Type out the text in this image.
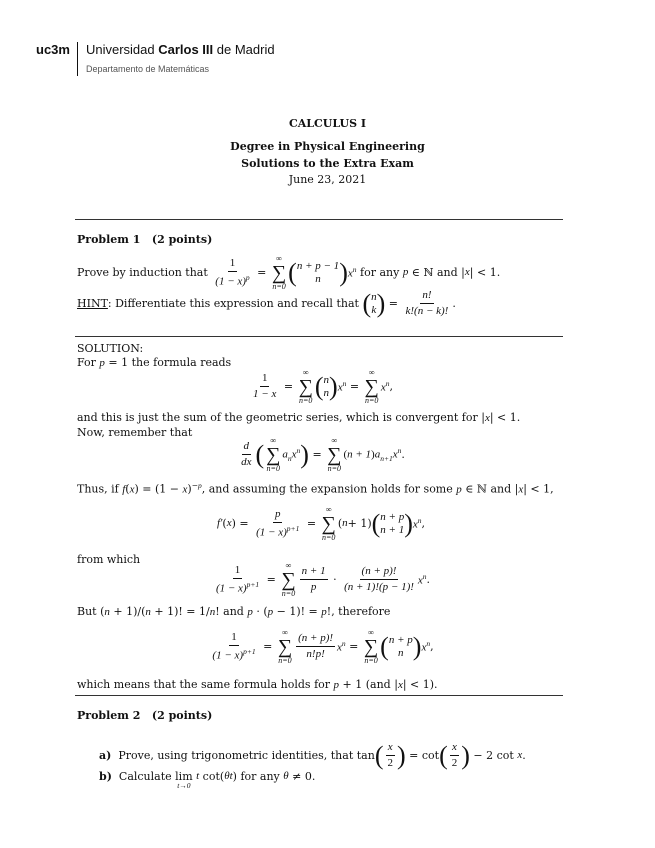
uc3m Universidad Carlos III de Madrid
Departamento de Matemáticas
CALCULUS I
Degree in Physical Engineering
Solutions to the Extra Exam
June 23, 2021
Problem 1 (2 points)
Prove by induction that
$\frac{1}{(1 - x)^p}$ =
∞
∑
n=0 ( n + p − 1
n ) $x^n$
for any
p ∈ ℕ and | x | < 1.
HINT : Differentiate this expression and recall that
( n
k ) = $\frac{n!}{k!(n - k)!}$ .
SOLUTION:
For p = 1 the formula reads
$\frac{1}{1 - x}$ =
∞
∑
n=0 ( n
n ) $x^n$ =
∞
∑
n=0
$x^n$ ,
and this is just the sum of the geometric series, which is convergent for |x| < 1.
Now, remember that
$\frac{d}{dx}$ ( ∞
∑
n=0
$a_nx^n$ ) =
∞
∑
n=0
$(n + 1)a_{n+1}x^n$ .
Thus, if $f(x) = (1 - x)^{-p}$, and assuming the expansion holds for some p ∈ ℕ and |x| < 1,
f′ ( x ) = $\frac{p}{(1 - x)^{p+1}}$ =
∞
∑
n=0
( n + 1) ( n + p
n + 1 ) $x^n$ ,
from which
$\frac{1}{(1 - x)^{p+1}}$ =
∞
∑
$n=0 \frac{n + 1}{p} \cdot \frac{(n + p)!}{(n + 1)!(p - 1)!} x^n$ .
But (n + 1)/(n + 1)! = 1/n! and p · (p − 1)! = p!, therefore
$\frac{1}{(1 - x)^{p+1}}$ =
∞
∑
$n=0 \frac{(n + p)!}{n!p!} x^n$ =
∞
∑
n=0 ( n + p
n ) $x^n$ ,
which means that the same formula holds for p + 1 (and |x| < 1).
Problem 2 (2 points)
a)
Prove, using trigonometric identities, that tan ( $\frac{x}{2}$ ) = cot ( $\frac{x}{2}$ ) − 2 cot x .
b)
Calculate
lim
t→0

t cot( θt ) for any
θ ≠ 0.
